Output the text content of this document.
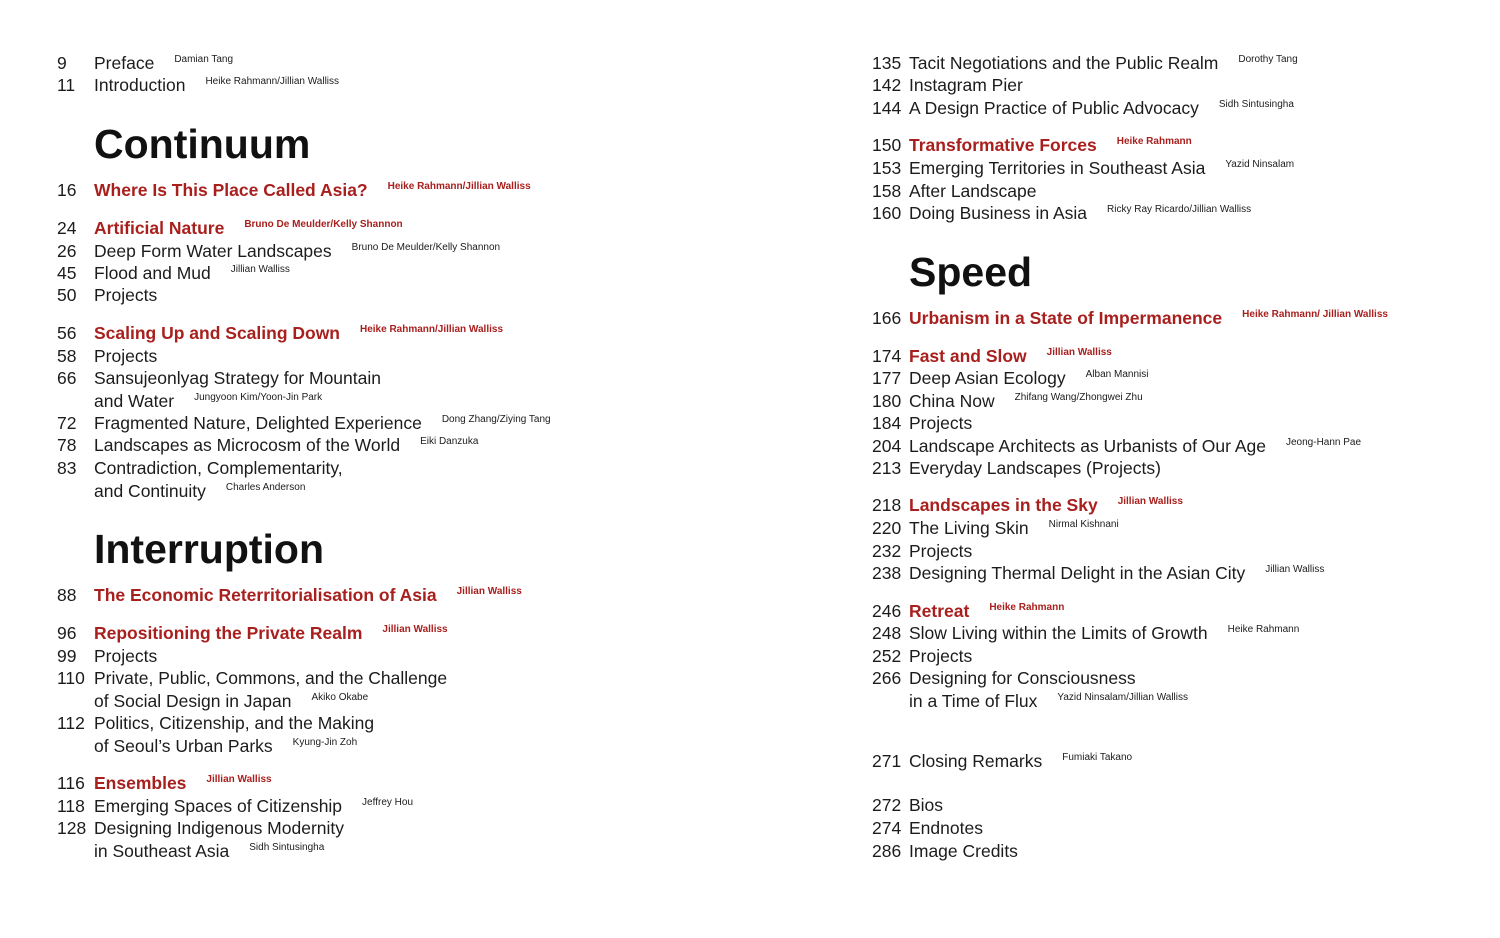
9 Preface Damian Tang
11 Introduction Heike Rahmann/Jillian Walliss
16 Where Is This Place Called Asia? Heike Rahmann/Jillian Walliss
24 Artificial Nature Bruno De Meulder/Kelly Shannon
26 Deep Form Water Landscapes Bruno De Meulder/Kelly Shannon
45 Flood and Mud Jillian Walliss
50 Projects
56 Scaling Up and Scaling Down Heike Rahmann/Jillian Walliss
58 Projects
66 Sansujeonlyag Strategy for Mountain
and Water Jungyoon Kim/Yoon-Jin Park
72 Fragmented Nature, Delighted Experience Dong Zhang/Ziying Tang
78 Landscapes as Microcosm of the World Eiki Danzuka
83 Contradiction, Complementarity,
and Continuity Charles Anderson
88 The Economic Reterritorialisation of Asia Jillian Walliss
96 Repositioning the Private Realm Jillian Walliss
99 Projects
110 Private, Public, Commons, and the Challenge
of Social Design in Japan Akiko Okabe
112 Politics, Citizenship, and the Making
of Seoul’s Urban Parks Kyung-Jin Zoh
116 Ensembles Jillian Walliss
118 Emerging Spaces of Citizenship Jeffrey Hou
128 Designing Indigenous Modernity
in Southeast Asia Sidh Sintusingha
Continuum
Interruption
135 Tacit Negotiations and the Public Realm Dorothy Tang
142 Instagram Pier
144 A Design Practice of Public Advocacy Sidh Sintusingha
150 Transformative Forces Heike Rahmann
153 Emerging Territories in Southeast Asia Yazid Ninsalam
158 After Landscape
160 Doing Business in Asia Ricky Ray Ricardo/Jillian Walliss
166 Urbanism in a State of Impermanence Heike Rahmann/ Jillian Walliss
174 Fast and Slow Jillian Walliss
177 Deep Asian Ecology Alban Mannisi
180 China Now Zhifang Wang/Zhongwei Zhu
184 Projects
204 Landscape Architects as Urbanists of Our Age Jeong-Hann Pae
213 Everyday Landscapes (Projects)
218 Landscapes in the Sky Jillian Walliss
220 The Living Skin Nirmal Kishnani
232 Projects
238 Designing Thermal Delight in the Asian City Jillian Walliss
246 Retreat Heike Rahmann
248 Slow Living within the Limits of Growth Heike Rahmann
252 Projects
266 Designing for Consciousness
in a Time of Flux Yazid Ninsalam/Jillian Walliss
271 Closing Remarks Fumiaki Takano
272 Bios
274 Endnotes
286 Image Credits
Speed
